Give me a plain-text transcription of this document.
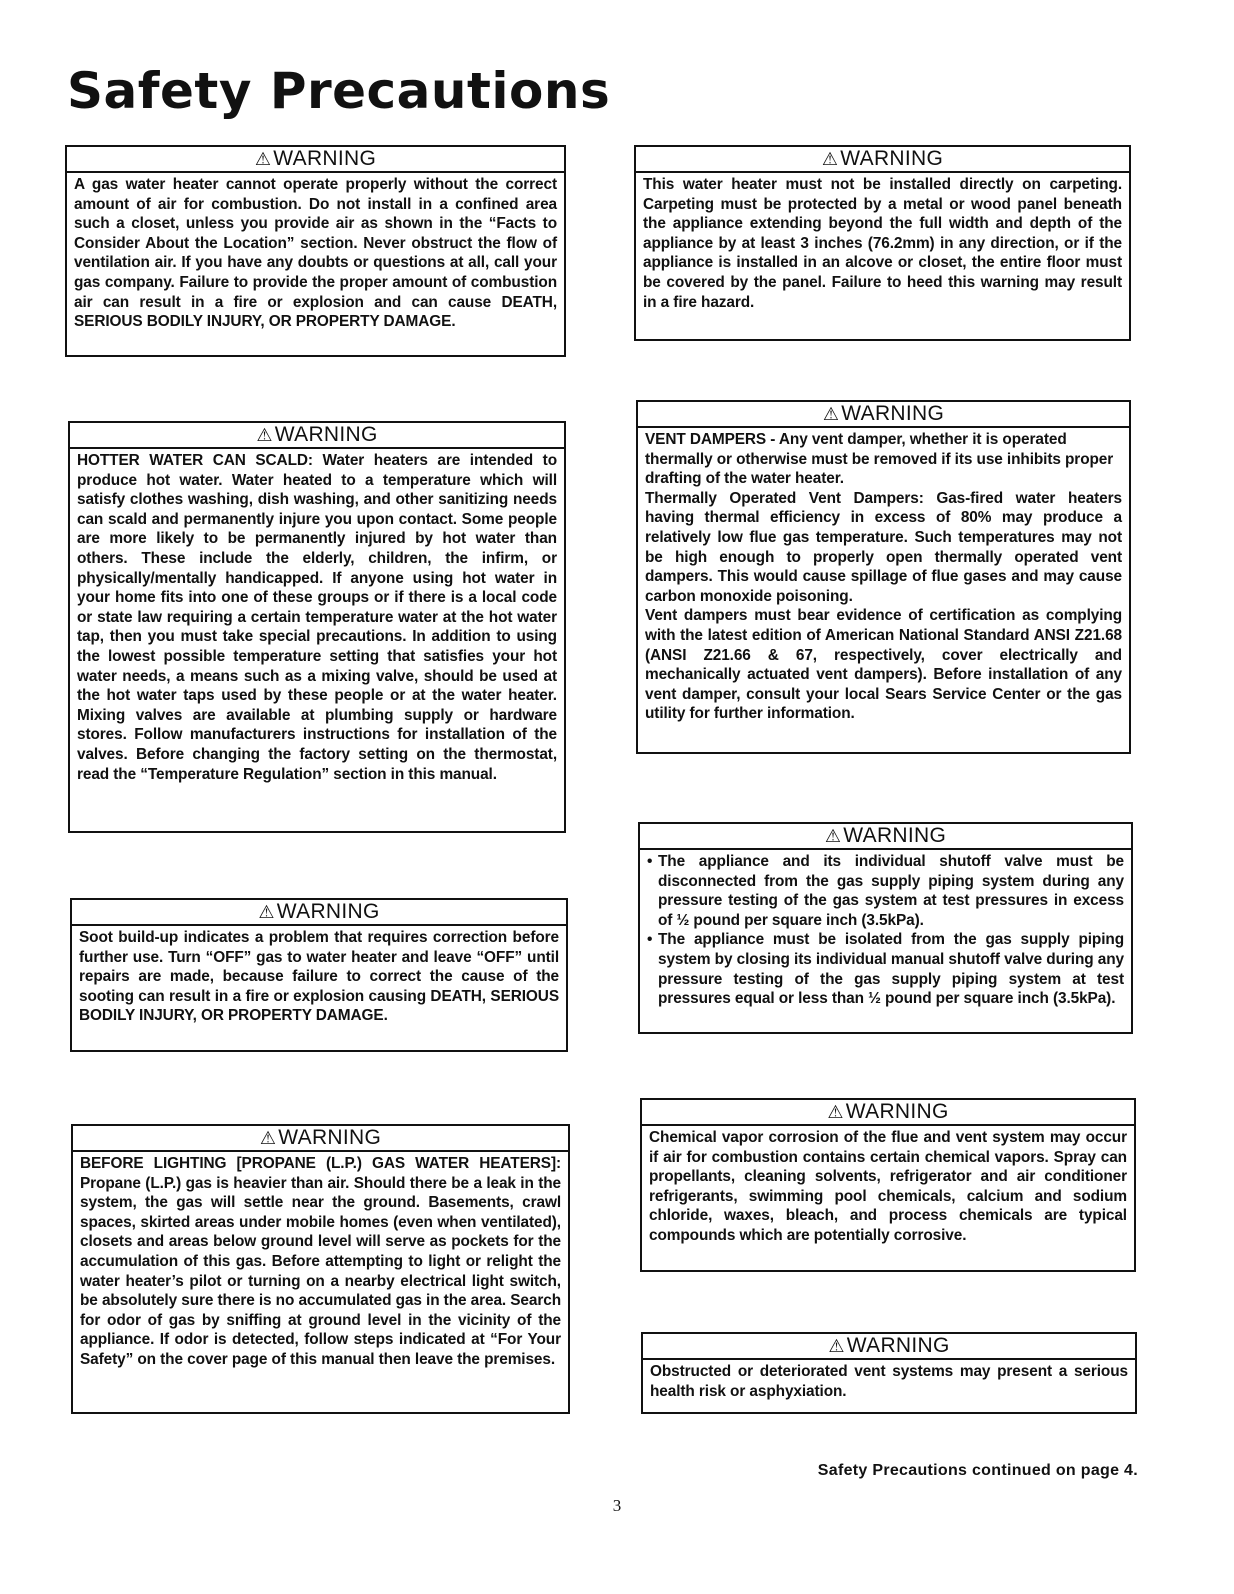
Safety Precautions
⚠WARNING

A gas water heater cannot operate properly without the correct amount of air for combustion. Do not install in a confined area such a closet, unless you provide air as shown in the “Facts to Consider About the Location” section. Never obstruct the flow of ventilation air. If you have any doubts or questions at all, call your gas company. Failure to provide the proper amount of combustion air can result in a fire or explosion and can cause DEATH, SERIOUS BODILY INJURY, OR PROPERTY DAMAGE.

⚠WARNING

HOTTER WATER CAN SCALD: Water heaters are intended to produce hot water. Water heated to a temperature which will satisfy clothes washing, dish washing, and other sanitizing needs can scald and permanently injure you upon contact. Some people are more likely to be permanently injured by hot water than others. These include the elderly, children, the infirm, or physically/mentally handicapped. If anyone using hot water in your home fits into one of these groups or if there is a local code or state law requiring a certain temperature water at the hot water tap, then you must take special precautions. In addition to using the lowest possible temperature setting that satisfies your hot water needs, a means such as a mixing valve, should be used at the hot water taps used by these people or at the water heater. Mixing valves are available at plumbing supply or hardware stores. Follow manufacturers instructions for installation of the valves. Before changing the factory setting on the thermostat, read the “Temperature Regulation” section in this manual.

⚠WARNING

Soot build-up indicates a problem that requires correction before further use. Turn “OFF” gas to water heater and leave “OFF” until repairs are made, because failure to correct the cause of the sooting can result in a fire or explosion causing DEATH, SERIOUS BODILY INJURY, OR PROPERTY DAMAGE.

⚠WARNING

BEFORE LIGHTING [PROPANE (L.P.) GAS WATER HEATERS]: Propane (L.P.) gas is heavier than air. Should there be a leak in the system, the gas will settle near the ground. Basements, crawl spaces, skirted areas under mobile homes (even when ventilated), closets and areas below ground level will serve as pockets for the accumulation of this gas. Before attempting to light or relight the water heater’s pilot or turning on a nearby electrical light switch, be absolutely sure there is no accumulated gas in the area. Search for odor of gas by sniffing at ground level in the vicinity of the appliance. If odor is detected, follow steps indicated at “For Your Safety” on the cover page of this manual then leave the premises.

⚠WARNING

This water heater must not be installed directly on carpeting. Carpeting must be protected by a metal or wood panel beneath the appliance extending beyond the full width and depth of the appliance by at least 3 inches (76.2mm) in any direction, or if the appliance is installed in an alcove or closet, the entire floor must be covered by the panel. Failure to heed this warning may result in a fire hazard.

⚠WARNING

VENT DAMPERS - Any vent damper, whether it is operated thermally or otherwise must be removed if its use inhibits proper drafting of the water heater.

Thermally Operated Vent Dampers: Gas-fired water heaters having thermal efficiency in excess of 80% may produce a relatively low flue gas temperature. Such temperatures may not be high enough to properly open thermally operated vent dampers. This would cause spillage of flue gases and may cause carbon monoxide poisoning.

Vent dampers must bear evidence of certification as complying with the latest edition of American National Standard ANSI Z21.68 (ANSI Z21.66 & 67, respectively, cover electrically and mechanically actuated vent dampers). Before installation of any vent damper, consult your local Sears Service Center or the gas utility for further information.

⚠WARNING
• The appliance and its individual shutoff valve must be disconnected from the gas supply piping system during any pressure testing of the gas system at test pressures in excess of ½ pound per square inch (3.5kPa).
• The appliance must be isolated from the gas supply piping system by closing its individual manual shutoff valve during any pressure testing of the gas supply piping system at test pressures equal or less than ½ pound per square inch (3.5kPa).
⚠WARNING

Chemical vapor corrosion of the flue and vent system may occur if air for combustion contains certain chemical vapors. Spray can propellants, cleaning solvents, refrigerator and air conditioner refrigerants, swimming pool chemicals, calcium and sodium chloride, waxes, bleach, and process chemicals are typical compounds which are potentially corrosive.

⚠WARNING

Obstructed or deteriorated vent systems may present a serious health risk or asphyxiation.

Safety Precautions continued on page 4.
3
